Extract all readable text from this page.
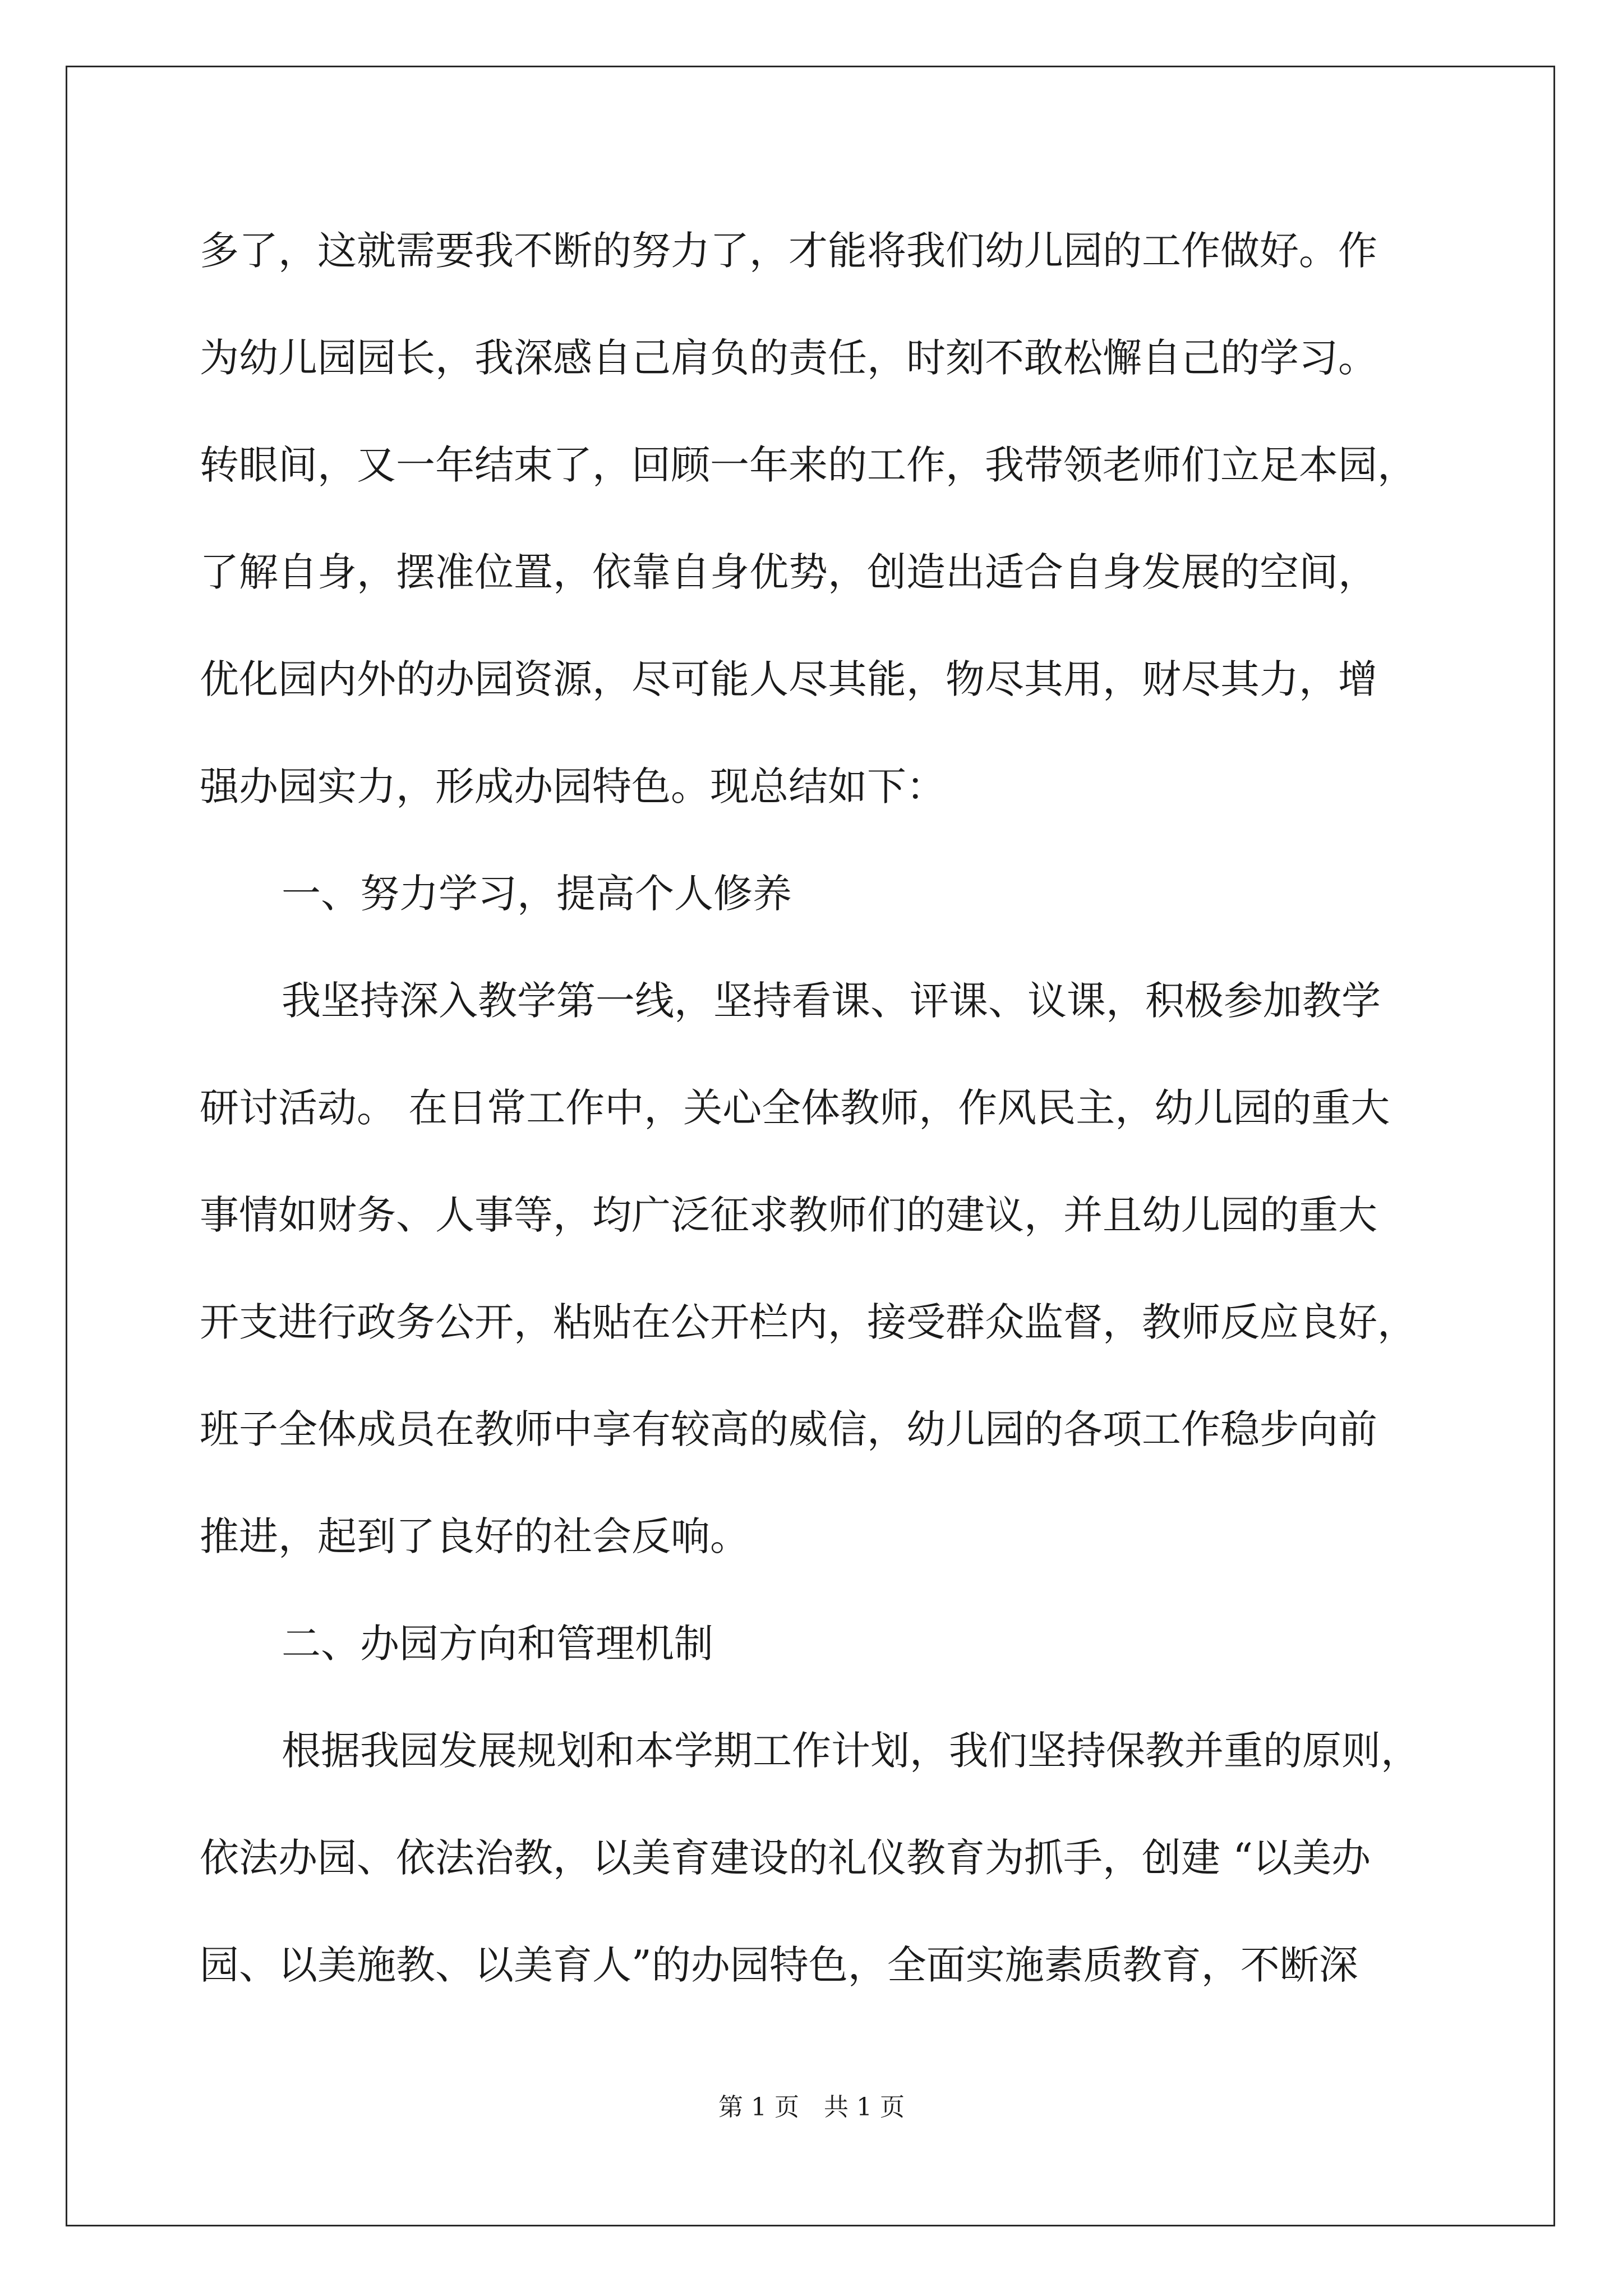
多了，这就需要我不断的努力了，才能将我们幼儿园的工作做好。作
为幼儿园园长，我深感自己肩负的责任，时刻不敢松懈自己的学习。
转眼间，又一年结束了，回顾一年来的工作，我带领老师们立足本园，
了解自身，摆准位置，依靠自身优势，创造出适合自身发展的空间，
优化园内外的办园资源，尽可能人尽其能，物尽其用，财尽其力，增
强办园实力，形成办园特色。现总结如下：
一、努力学习，提高个人修养
我坚持深入教学第一线，坚持看课、评课、议课，积极参加教学
研讨活动。 在日常工作中，关心全体教师，作风民主，幼儿园的重大
事情如财务、人事等，均广泛征求教师们的建议，并且幼儿园的重大
开支进行政务公开，粘贴在公开栏内，接受群众监督，教师反应良好，
班子全体成员在教师中享有较高的威信，幼儿园的各项工作稳步向前
推进，起到了良好的社会反响。
二、办园方向和管理机制
根据我园发展规划和本学期工作计划，我们坚持保教并重的原则，
依法办园、依法治教，以美育建设的礼仪教育为抓手，创建 “以美办
园、以美施教、以美育人”的办园特色，全面实施素质教育，不断深
第 1 页　共 1 页
